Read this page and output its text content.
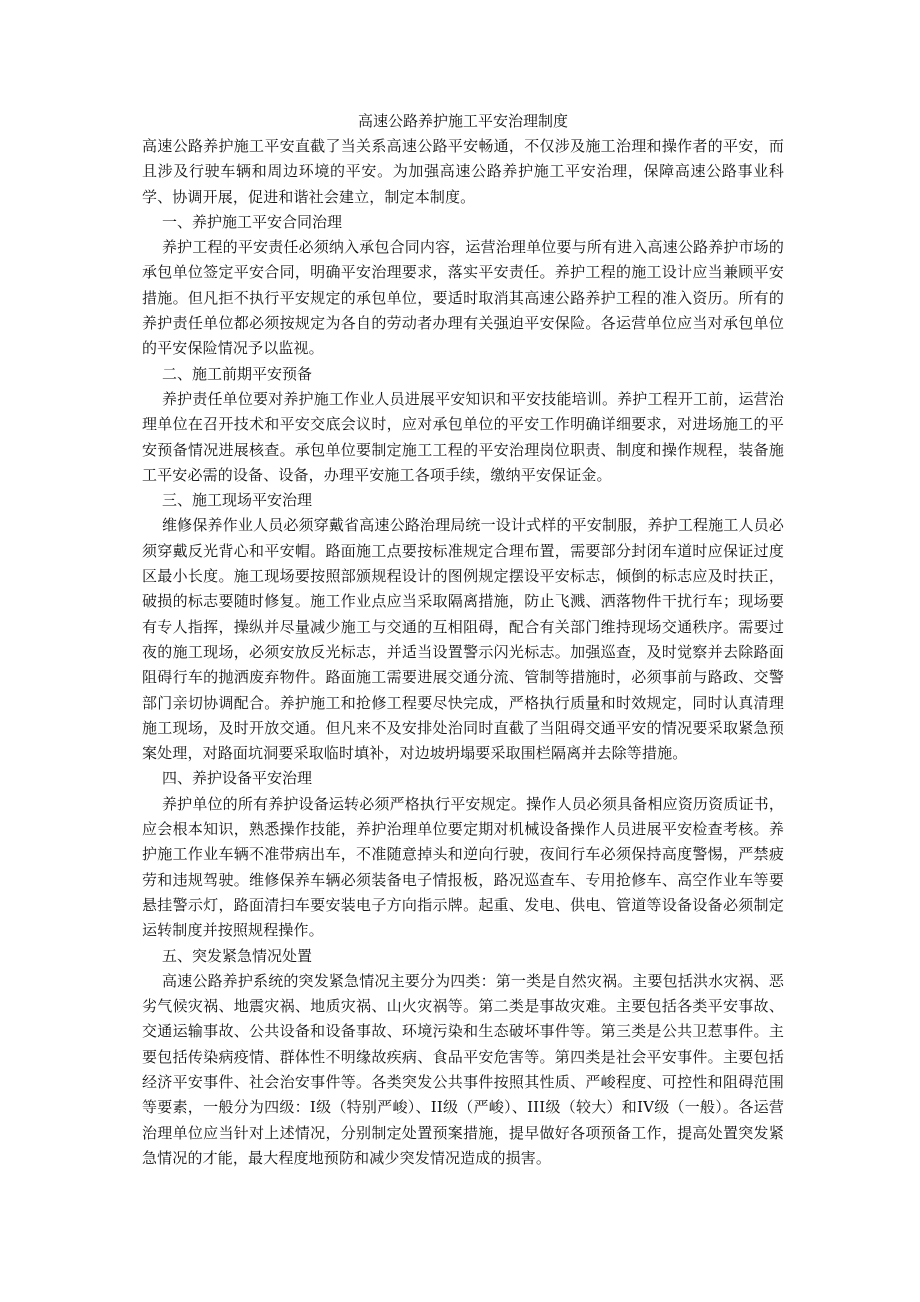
高速公路养护施工平安治理制度

高速公路养护施工平安直截了当关系高速公路平安畅通，不仅涉及施工治理和操作者的平安，而且涉及行驶车辆和周边环境的平安。为加强高速公路养护施工平安治理，保障高速公路事业科学、协调开展，促进和谐社会建立，制定本制度。

一、养护施工平安合同治理

养护工程的平安责任必须纳入承包合同内容，运营治理单位要与所有进入高速公路养护市场的承包单位签定平安合同，明确平安治理要求，落实平安责任。养护工程的施工设计应当兼顾平安措施。但凡拒不执行平安规定的承包单位，要适时取消其高速公路养护工程的准入资历。所有的养护责任单位都必须按规定为各自的劳动者办理有关强迫平安保险。各运营单位应当对承包单位的平安保险情况予以监视。

二、施工前期平安预备

养护责任单位要对养护施工作业人员进展平安知识和平安技能培训。养护工程开工前，运营治理单位在召开技术和平安交底会议时，应对承包单位的平安工作明确详细要求，对进场施工的平安预备情况进展核查。承包单位要制定施工工程的平安治理岗位职责、制度和操作规程，装备施工平安必需的设备、设备，办理平安施工各项手续，缴纳平安保证金。

三、施工现场平安治理

维修保养作业人员必须穿戴省高速公路治理局统一设计式样的平安制服，养护工程施工人员必须穿戴反光背心和平安帽。路面施工点要按标准规定合理布置，需要部分封闭车道时应保证过度区最小长度。施工现场要按照部颁规程设计的图例规定摆设平安标志，倾倒的标志应及时扶正，破损的标志要随时修复。施工作业点应当采取隔离措施，防止飞溅、洒落物件干扰行车；现场要有专人指挥，操纵并尽量减少施工与交通的互相阻碍，配合有关部门维持现场交通秩序。需要过夜的施工现场，必须安放反光标志，并适当设置警示闪光标志。加强巡查，及时觉察并去除路面阻碍行车的抛洒废弃物件。路面施工需要进展交通分流、管制等措施时，必须事前与路政、交警部门亲切协调配合。养护施工和抢修工程要尽快完成，严格执行质量和时效规定，同时认真清理施工现场，及时开放交通。但凡来不及安排处治同时直截了当阻碍交通平安的情况要采取紧急预案处理，对路面坑洞要采取临时填补，对边坡坍塌要采取围栏隔离并去除等措施。

四、养护设备平安治理

养护单位的所有养护设备运转必须严格执行平安规定。操作人员必须具备相应资历资质证书，应会根本知识，熟悉操作技能，养护治理单位要定期对机械设备操作人员进展平安检查考核。养护施工作业车辆不准带病出车，不准随意掉头和逆向行驶，夜间行车必须保持高度警惕，严禁疲劳和违规驾驶。维修保养车辆必须装备电子情报板，路况巡查车、专用抢修车、高空作业车等要悬挂警示灯，路面清扫车要安装电子方向指示牌。起重、发电、供电、管道等设备设备必须制定运转制度并按照规程操作。

五、突发紧急情况处置

高速公路养护系统的突发紧急情况主要分为四类：第一类是自然灾祸。主要包括洪水灾祸、恶劣气候灾祸、地震灾祸、地质灾祸、山火灾祸等。第二类是事故灾难。主要包括各类平安事故、交通运输事故、公共设备和设备事故、环境污染和生态破坏事件等。第三类是公共卫惹事件。主要包括传染病疫情、群体性不明缘故疾病、食品平安危害等。第四类是社会平安事件。主要包括经济平安事件、社会治安事件等。各类突发公共事件按照其性质、严峻程度、可控性和阻碍范围等要素，一般分为四级：I级（特别严峻）、II级（严峻）、III级（较大）和IV级（一般）。各运营治理单位应当针对上述情况，分别制定处置预案措施，提早做好各项预备工作，提高处置突发紧急情况的才能，最大程度地预防和减少突发情况造成的损害。
